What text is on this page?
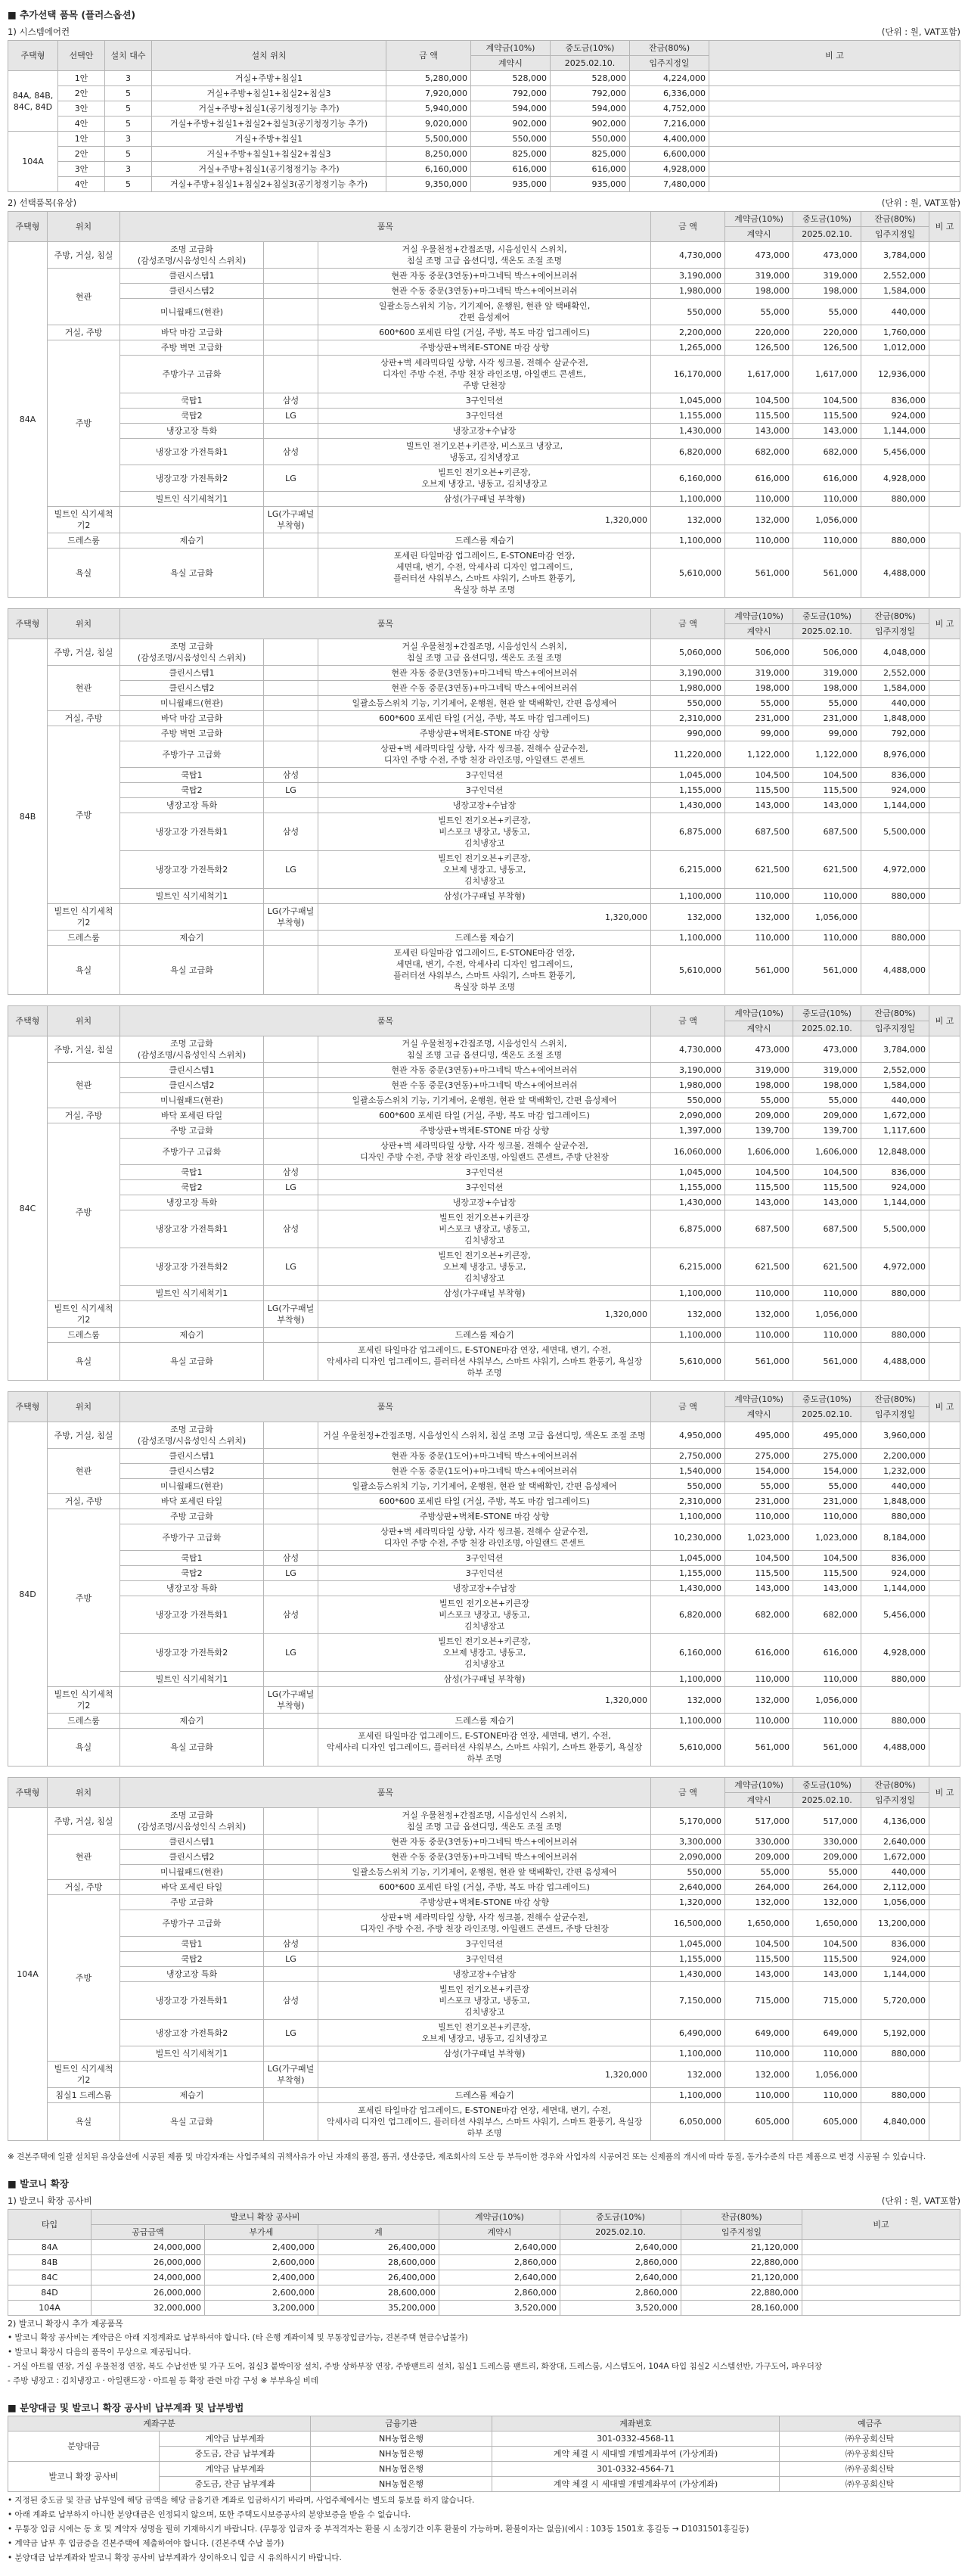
■ 추가선택 품목 (플러스옵션)
1) 시스템에어컨	(단위 : 원, VAT포함)
주택형	선택안	설치 대수	설치 위치	금 액	계약금(10%)	중도금(10%)	잔금(80%)	비 고
					계약시	2025.02.10.	입주지정일	
84A, 84B, 84C, 84D	1안	3	거실+주방+침실1	5,280,000	528,000	528,000	4,224,000	
	2안	5	거실+주방+침실1+침실2+침실3	7,920,000	792,000	792,000	6,336,000	
	3안	5	거실+주방+침실1(공기청정기능 추가)	5,940,000	594,000	594,000	4,752,000	
	4안	5	거실+주방+침실1+침실2+침실3(공기청정기능 추가)	9,020,000	902,000	902,000	7,216,000	
104A	1안	3	거실+주방+침실1	5,500,000	550,000	550,000	4,400,000	
	2안	5	거실+주방+침실1+침실2+침실3	8,250,000	825,000	825,000	6,600,000	
	3안	3	거실+주방+침실1(공기청정기능 추가)	6,160,000	616,000	616,000	4,928,000	
	4안	5	거실+주방+침실1+침실2+침실3(공기청정기능 추가)	9,350,000	935,000	935,000	7,480,000	
2) 선택품목(유상)	(단위 : 원, VAT포함)
주택형	위치	품목			금 액	계약금(10%)	중도금(10%)	잔금(80%)	비 고
						계약시	2025.02.10.	입주지정일	
84A	주방, 거실, 침실	조명 고급화
(감성조명/시음성인식 스위치)		거실 우물천정+간접조명, 시음성인식 스위치,
침실 조명 고급 옵션디밍, 색온도 조절 조명	4,730,000	473,000	473,000	3,784,000	
	현관	클린시스템1		현관 자동 중문(3연동)+마그네틱 박스+에어브러쉬	3,190,000	319,000	319,000	2,552,000	
		클린시스템2		현관 수동 중문(3연동)+마그네틱 박스+에어브러쉬	1,980,000	198,000	198,000	1,584,000	
		미니월패드(현관)		일괄소등스위치 기능, 기기제어, 운행원, 현관 앞 택배확인,
간편 음성제어	550,000	55,000	55,000	440,000	
	거실, 주방	바닥 마감 고급화		600*600 포세린 타일 (거실, 주방, 복도 마감 업그레이드)	2,200,000	220,000	220,000	1,760,000	
	주방	주방 벽면 고급화		주방상판+벽체E-STONE 마감 상향	1,265,000	126,500	126,500	1,012,000	
		주방가구 고급화		상판+벽 세라믹타일 상향, 사각 씽크볼, 전해수 살균수전,
디자인 주방 수전, 주방 천장 라인조명, 아일랜드 콘센트,
주방 단천장	16,170,000	1,617,000	1,617,000	12,936,000	
		쿡탑1	삼성	3구인덕션	1,045,000	104,500	104,500	836,000	
		쿡탑2	LG	3구인덕션	1,155,000	115,500	115,500	924,000	
		냉장고장 특화		냉장고장+수납장	1,430,000	143,000	143,000	1,144,000	
		냉장고장 가전특화1	삼성	빌트인 전기오븐+키큰장, 비스포크 냉장고,
냉동고, 김치냉장고	6,820,000	682,000	682,000	5,456,000	
		냉장고장 가전특화2	LG	빌트인 전기오븐+키큰장,
오브제 냉장고, 냉동고, 김치냉장고	6,160,000	616,000	616,000	4,928,000	
		빌트인 식기세척기1		삼성(가구패널 부착형)	1,100,000	110,000	110,000	880,000	
	빌트인 식기세척기2		LG(가구패널 부착형)	1,320,000	132,000	132,000	1,056,000		
	드레스룸	제습기		드레스룸 제습기	1,100,000	110,000	110,000	880,000	
	욕실	욕실 고급화		포세린 타일마감 업그레이드, E-STONE마감 연장,
세면대, 변기, 수전, 악세사리 디자인 업그레이드,
플러터션 샤워부스, 스마트 샤워기, 스마트 환풍기,
욕실장 하부 조명	5,610,000	561,000	561,000	4,488,000	
주택형	위치	품목			금 액	계약금(10%)	중도금(10%)	잔금(80%)	비 고
						계약시	2025.02.10.	입주지정일	
84B	주방, 거실, 침실	조명 고급화
(감성조명/시음성인식 스위치)		거실 우물천정+간접조명, 시음성인식 스위치,
침실 조명 고급 옵션디밍, 색온도 조절 조명	5,060,000	506,000	506,000	4,048,000	
	현관	클린시스템1		현관 자동 중문(3연동)+마그네틱 박스+에어브러쉬	3,190,000	319,000	319,000	2,552,000	
		클린시스템2		현관 수동 중문(3연동)+마그네틱 박스+에어브러쉬	1,980,000	198,000	198,000	1,584,000	
		미니월패드(현관)		일괄소등스위치 기능, 기기제어, 운행원, 현관 앞 택배확인, 간편 음성제어	550,000	55,000	55,000	440,000	
	거실, 주방	바닥 마감 고급화		600*600 포세린 타일 (거실, 주방, 복도 마감 업그레이드)	2,310,000	231,000	231,000	1,848,000	
	주방	주방 벽면 고급화		주방상판+벽체E-STONE 마감 상향	990,000	99,000	99,000	792,000	
		주방가구 고급화		상판+벽 세라믹타일 상향, 사각 씽크볼, 전해수 살균수전,
디자인 주방 수전, 주방 천장 라인조명, 아일랜드 콘센트	11,220,000	1,122,000	1,122,000	8,976,000	
		쿡탑1	삼성	3구인덕션	1,045,000	104,500	104,500	836,000	
		쿡탑2	LG	3구인덕션	1,155,000	115,500	115,500	924,000	
		냉장고장 특화		냉장고장+수납장	1,430,000	143,000	143,000	1,144,000	
		냉장고장 가전특화1	삼성	빌트인 전기오븐+키큰장,
비스포크 냉장고, 냉동고,
김치냉장고	6,875,000	687,500	687,500	5,500,000	
		냉장고장 가전특화2	LG	빌트인 전기오븐+키큰장,
오브제 냉장고, 냉동고,
김치냉장고	6,215,000	621,500	621,500	4,972,000	
		빌트인 식기세척기1		삼성(가구패널 부착형)	1,100,000	110,000	110,000	880,000	
	빌트인 식기세척기2		LG(가구패널 부착형)	1,320,000	132,000	132,000	1,056,000		
	드레스룸	제습기		드레스룸 제습기	1,100,000	110,000	110,000	880,000	
	욕실	욕실 고급화		포세린 타일마감 업그레이드, E-STONE마감 연장,
세면대, 변기, 수전, 악세사리 디자인 업그레이드,
플러터션 샤워부스, 스마트 샤워기, 스마트 환풍기,
욕실장 하부 조명	5,610,000	561,000	561,000	4,488,000	
주택형	위치	품목			금 액	계약금(10%)	중도금(10%)	잔금(80%)	비 고
						계약시	2025.02.10.	입주지정일	
84C	주방, 거실, 침실	조명 고급화
(감성조명/시음성인식 스위치)		거실 우물천정+간접조명, 시음성인식 스위치,
침실 조명 고급 옵션디밍, 색온도 조절 조명	4,730,000	473,000	473,000	3,784,000	
	현관	클린시스템1		현관 자동 중문(3연동)+마그네틱 박스+에어브러쉬	3,190,000	319,000	319,000	2,552,000	
		클린시스템2		현관 수동 중문(3연동)+마그네틱 박스+에어브러쉬	1,980,000	198,000	198,000	1,584,000	
		미니월패드(현관)		일괄소등스위치 기능, 기기제어, 운행원, 현관 앞 택배확인, 간편 음성제어	550,000	55,000	55,000	440,000	
	거실, 주방	바닥 포세린 타일		600*600 포세린 타일 (거실, 주방, 복도 마감 업그레이드)	2,090,000	209,000	209,000	1,672,000	
	주방	주방 고급화		주방상판+벽체E-STONE 마감 상향	1,397,000	139,700	139,700	1,117,600	
		주방가구 고급화		상판+벽 세라믹타일 상향, 사각 씽크볼, 전해수 살균수전,
디자인 주방 수전, 주방 천장 라인조명, 아일랜드 콘센트, 주방 단천장	16,060,000	1,606,000	1,606,000	12,848,000	
		쿡탑1	삼성	3구인덕션	1,045,000	104,500	104,500	836,000	
		쿡탑2	LG	3구인덕션	1,155,000	115,500	115,500	924,000	
		냉장고장 특화		냉장고장+수납장	1,430,000	143,000	143,000	1,144,000	
		냉장고장 가전특화1	삼성	빌트인 전기오븐+키큰장
비스포크 냉장고, 냉동고,
김치냉장고	6,875,000	687,500	687,500	5,500,000	
		냉장고장 가전특화2	LG	빌트인 전기오븐+키큰장,
오브제 냉장고, 냉동고,
김치냉장고	6,215,000	621,500	621,500	4,972,000	
		빌트인 식기세척기1		삼성(가구패널 부착형)	1,100,000	110,000	110,000	880,000	
	빌트인 식기세척기2		LG(가구패널 부착형)	1,320,000	132,000	132,000	1,056,000		
	드레스룸	제습기		드레스룸 제습기	1,100,000	110,000	110,000	880,000	
	욕실	욕실 고급화		포세린 타일마감 업그레이드, E-STONE마감 연장, 세면대, 변기, 수전,
악세사리 디자인 업그레이드, 플러터션 샤워부스, 스마트 샤워기, 스마트 환풍기, 욕실장 하부 조명	5,610,000	561,000	561,000	4,488,000	
주택형	위치	품목			금 액	계약금(10%)	중도금(10%)	잔금(80%)	비 고
						계약시	2025.02.10.	입주지정일	
84D	주방, 거실, 침실	조명 고급화
(감성조명/시음성인식 스위치)		거실 우물천정+간접조명, 시음성인식 스위치, 침실 조명 고급 옵션디밍, 색온도 조절 조명	4,950,000	495,000	495,000	3,960,000	
	현관	클린시스템1		현관 자동 중문(1도어)+마그네틱 박스+에어브러쉬	2,750,000	275,000	275,000	2,200,000	
		클린시스템2		현관 수동 중문(1도어)+마그네틱 박스+에어브러쉬	1,540,000	154,000	154,000	1,232,000	
		미니월패드(현관)		일괄소등스위치 기능, 기기제어, 운행원, 현관 앞 택배확인, 간편 음성제어	550,000	55,000	55,000	440,000	
	거실, 주방	바닥 포세린 타일		600*600 포세린 타일 (거실, 주방, 복도 마감 업그레이드)	2,310,000	231,000	231,000	1,848,000	
	주방	주방 고급화		주방상판+벽체E-STONE 마감 상향	1,100,000	110,000	110,000	880,000	
		주방가구 고급화		상판+벽 세라믹타일 상향, 사각 씽크볼, 전해수 살균수전,
디자인 주방 수전, 주방 천장 라인조명, 아일랜드 콘센트	10,230,000	1,023,000	1,023,000	8,184,000	
		쿡탑1	삼성	3구인덕션	1,045,000	104,500	104,500	836,000	
		쿡탑2	LG	3구인덕션	1,155,000	115,500	115,500	924,000	
		냉장고장 특화		냉장고장+수납장	1,430,000	143,000	143,000	1,144,000	
		냉장고장 가전특화1	삼성	빌트인 전기오븐+키큰장
비스포크 냉장고, 냉동고,
김치냉장고	6,820,000	682,000	682,000	5,456,000	
		냉장고장 가전특화2	LG	빌트인 전기오븐+키큰장,
오브제 냉장고, 냉동고,
김치냉장고	6,160,000	616,000	616,000	4,928,000	
		빌트인 식기세척기1		삼성(가구패널 부착형)	1,100,000	110,000	110,000	880,000	
	빌트인 식기세척기2		LG(가구패널 부착형)	1,320,000	132,000	132,000	1,056,000		
	드레스룸	제습기		드레스룸 제습기	1,100,000	110,000	110,000	880,000	
	욕실	욕실 고급화		포세린 타일마감 업그레이드, E-STONE마감 연장, 세면대, 변기, 수전,
악세사리 디자인 업그레이드, 플러터션 샤워부스, 스마트 샤워기, 스마트 환풍기, 욕실장 하부 조명	5,610,000	561,000	561,000	4,488,000	
주택형	위치	품목			금 액	계약금(10%)	중도금(10%)	잔금(80%)	비 고
						계약시	2025.02.10.	입주지정일	
104A	주방, 거실, 침실	조명 고급화
(감성조명/시음성인식 스위치)		거실 우물천정+간접조명, 시음성인식 스위치,
침실 조명 고급 옵션디밍, 색온도 조절 조명	5,170,000	517,000	517,000	4,136,000	
	현관	클린시스템1		현관 자동 중문(3연동)+마그네틱 박스+에어브러쉬	3,300,000	330,000	330,000	2,640,000	
		클린시스템2		현관 수동 중문(3연동)+마그네틱 박스+에어브러쉬	2,090,000	209,000	209,000	1,672,000	
		미니월패드(현관)		일괄소등스위치 기능, 기기제어, 운행원, 현관 앞 택배확인, 간편 음성제어	550,000	55,000	55,000	440,000	
	거실, 주방	바닥 포세린 타일		600*600 포세린 타일 (거실, 주방, 복도 마감 업그레이드)	2,640,000	264,000	264,000	2,112,000	
	주방	주방 고급화		주방상판+벽체E-STONE 마감 상향	1,320,000	132,000	132,000	1,056,000	
		주방가구 고급화		상판+벽 세라믹타일 상향, 사각 씽크볼, 전해수 살균수전,
디자인 주방 수전, 주방 천장 라인조명, 아일랜드 콘센트, 주방 단천장	16,500,000	1,650,000	1,650,000	13,200,000	
		쿡탑1	삼성	3구인덕션	1,045,000	104,500	104,500	836,000	
		쿡탑2	LG	3구인덕션	1,155,000	115,500	115,500	924,000	
		냉장고장 특화		냉장고장+수납장	1,430,000	143,000	143,000	1,144,000	
		냉장고장 가전특화1	삼성	빌트인 전기오븐+키큰장
비스포크 냉장고, 냉동고,
김치냉장고	7,150,000	715,000	715,000	5,720,000	
		냉장고장 가전특화2	LG	빌트인 전기오븐+키큰장,
오브제 냉장고, 냉동고, 김치냉장고	6,490,000	649,000	649,000	5,192,000	
		빌트인 식기세척기1		삼성(가구패널 부착형)	1,100,000	110,000	110,000	880,000	
	빌트인 식기세척기2		LG(가구패널 부착형)	1,320,000	132,000	132,000	1,056,000		
	침실1 드레스룸	제습기		드레스룸 제습기	1,100,000	110,000	110,000	880,000	
	욕실	욕실 고급화		포세린 타일마감 업그레이드, E-STONE마감 연장, 세면대, 변기, 수전,
악세사리 디자인 업그레이드, 플러터션 샤워부스, 스마트 샤워기, 스마트 환풍기, 욕실장 하부 조명	6,050,000	605,000	605,000	4,840,000	
※ 견본주택에 일괄 설치된 유상옵션에 시공된 제품 및 마감자재는 사업주체의 귀책사유가 아닌 자재의 품절, 품귀, 생산중단, 제조회사의 도산 등 부득이한 경우와 사업자의 시공여건 또는 신제품의 개시에 따라 동질, 동가수준의 다른 제품으로 변경 시공될 수 있습니다.
■ 발코니 확장
1) 발코니 확장 공사비	(단위 : 원, VAT포함)
타입	발코니 확장 공사비			계약금(10%)	중도금(10%)	잔금(80%)	비고
	공급금액	부가세	계	계약시	2025.02.10.	입주지정일	
84A	24,000,000	2,400,000	26,400,000	2,640,000	2,640,000	21,120,000	
84B	26,000,000	2,600,000	28,600,000	2,860,000	2,860,000	22,880,000	
84C	24,000,000	2,400,000	26,400,000	2,640,000	2,640,000	21,120,000	
84D	26,000,000	2,600,000	28,600,000	2,860,000	2,860,000	22,880,000	
104A	32,000,000	3,200,000	35,200,000	3,520,000	3,520,000	28,160,000	
2) 발코니 확장시 추가 제공품목
• 발코니 확장 공사비는 계약금은 아래 지정계좌로 납부하셔야 합니다. (타 은행 계좌이체 및 무통장입금가능, 견본주택 현금수납불가)
• 발코니 확장시 다음의 품목이 무상으로 제공됩니다.
- 거실 아트월 연장, 거실 우물천정 연장, 복도 수납선반 및 가구 도어, 침실3 붙박이장 설치, 주방 상하부장 연장, 주방팬트리 설치, 침실1 드레스룸 팬트리, 화장대, 드레스룸, 시스템도어, 104A 타입 침실2 시스템선반, 가구도어, 파우더장
- 주방 냉장고 : 김치냉장고 · 아일랜드장 · 아트월 등 확장 관련 마감 구성 ※ 부부욕실 비데
■ 분양대금 및 발코니 확장 공사비 납부계좌 및 납부방법
계좌구분		금융기관	계좌번호	예금주
분양대금	계약금 납부계좌	NH농협은행	301-0332-4568-11	㈜우공회신탁
	중도금, 잔금 납부계좌	NH농협은행	계약 체결 시 세대별 개별계좌부여 (가상계좌)	㈜우공회신탁
발코니 확장 공사비	계약금 납부계좌	NH농협은행	301-0332-4564-71	㈜우공회신탁
	중도금, 잔금 납부계좌	NH농협은행	계약 체결 시 세대별 개별계좌부여 (가상계좌)	㈜우공회신탁
• 지정된 중도금 및 잔금 납부일에 해당 금액을 해당 금융기관 계좌로 입금하시기 바라며, 사업주체에서는 별도의 통보를 하지 않습니다.
• 아래 계좌로 납부하지 아니한 분양대금은 인정되지 않으며, 또한 주택도시보증공사의 분양보증을 받을 수 없습니다.
• 무통장 입금 시에는 동 호 및 계약자 성명을 필히 기재하시기 바랍니다. (무통장 입금자 중 부적격자는 환불 시 소정기간 이후 환불이 가능하며, 환불이자는 없음)(예시 : 103동 1501호 홍길동 → D1031501홍길동)
• 계약금 납부 후 입금증을 견본주택에 제출하여야 합니다. (견본주택 수납 불가)
• 분양대금 납부계좌와 발코니 확장 공사비 납부계좌가 상이하오니 입금 시 유의하시기 바랍니다.
